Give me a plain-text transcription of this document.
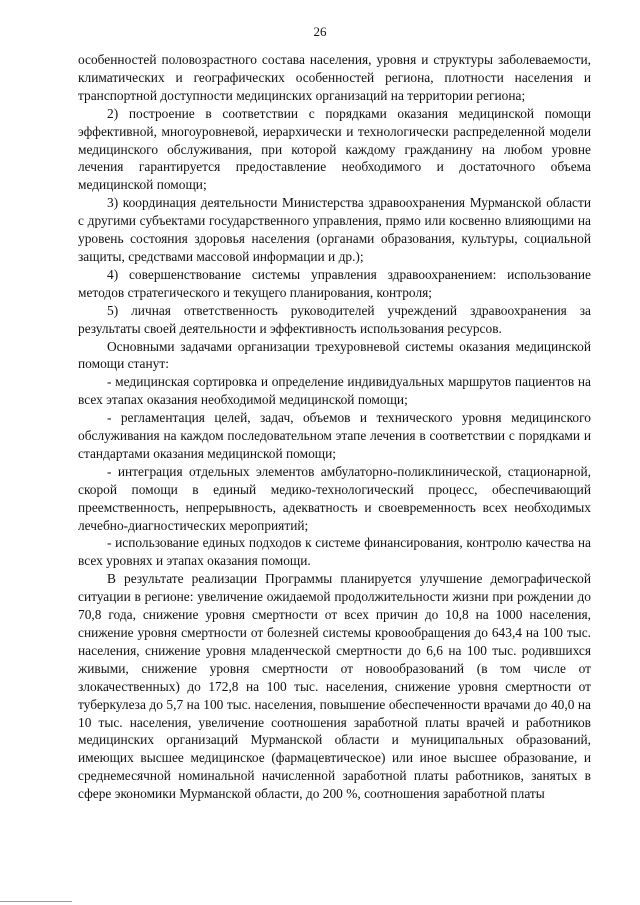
26

особенностей половозрастного состава населения, уровня и структуры заболеваемости, климатических и географических особенностей региона, плотности населения и транспортной доступности медицинских организаций на территории региона;

2) построение в соответствии с порядками оказания медицинской помощи эффективной, многоуровневой, иерархически и технологически распределенной модели медицинского обслуживания, при которой каждому гражданину на любом уровне лечения гарантируется предоставление необходимого и достаточного объема медицинской помощи;

3) координация деятельности Министерства здравоохранения Мурманской области с другими субъектами государственного управления, прямо или косвенно влияющими на уровень состояния здоровья населения (органами образования, культуры, социальной защиты, средствами массовой информации и др.);

4) совершенствование системы управления здравоохранением: использование методов стратегического и текущего планирования, контроля;

5) личная ответственность руководителей учреждений здравоохранения за результаты своей деятельности и эффективность использования ресурсов.

Основными задачами организации трехуровневой системы оказания медицинской помощи станут:

- медицинская сортировка и определение индивидуальных маршрутов пациентов на всех этапах оказания необходимой медицинской помощи;

- регламентация целей, задач, объемов и технического уровня медицинского обслуживания на каждом последовательном этапе лечения в соответствии с порядками и стандартами оказания медицинской помощи;

- интеграция отдельных элементов амбулаторно-поликлинической, стационарной, скорой помощи в единый медико-технологический процесс, обеспечивающий преемственность, непрерывность, адекватность и своевременность всех необходимых лечебно-диагностических мероприятий;

- использование единых подходов к системе финансирования, контролю качества на всех уровнях и этапах оказания помощи.

В результате реализации Программы планируется улучшение демографической ситуации в регионе: увеличение ожидаемой продолжительности жизни при рождении до 70,8 года, снижение уровня смертности от всех причин до 10,8 на 1000 населения, снижение уровня смертности от болезней системы кровообращения до 643,4 на 100 тыс. населения, снижение уровня младенческой смертности до 6,6 на 100 тыс. родившихся живыми, снижение уровня смертности от новообразований (в том числе от злокачественных) до 172,8 на 100 тыс. населения, снижение уровня смертности от туберкулеза до 5,7 на 100 тыс. населения, повышение обеспеченности врачами до 40,0 на 10 тыс. населения, увеличение соотношения заработной платы врачей и работников медицинских организаций Мурманской области и муниципальных образований, имеющих высшее медицинское (фармацевтическое) или иное высшее образование, и среднемесячной номинальной начисленной заработной платы работников, занятых в сфере экономики Мурманской области, до 200 %, соотношения заработной платы
